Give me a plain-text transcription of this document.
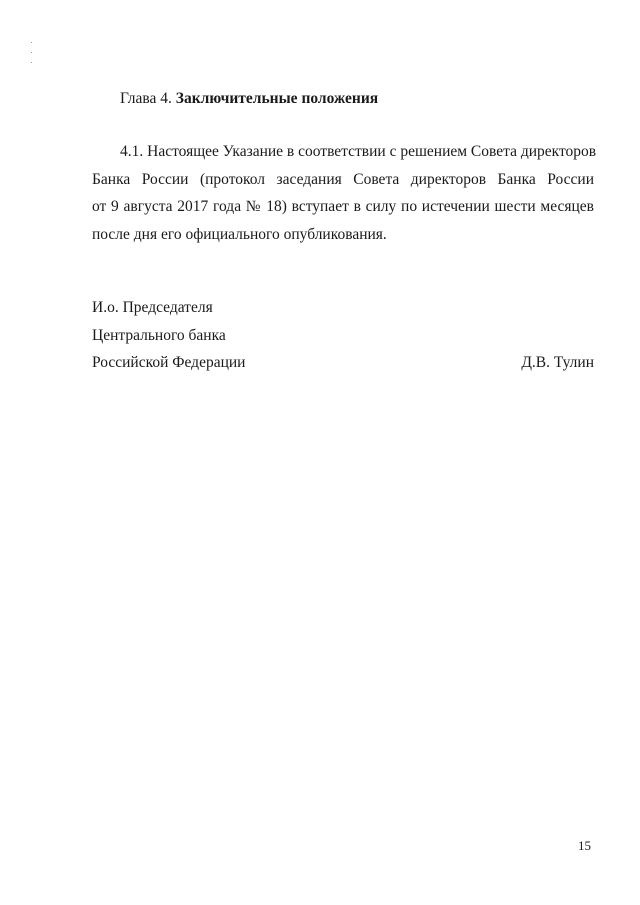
Глава 4. Заключительные положения
4.1. Настоящее Указание в соответствии с решением Совета директоров
Банка России (протокол заседания Совета директоров Банка России
от 9 августа 2017 года № 18) вступает в силу по истечении шести месяцев
после дня его официального опубликования.
И.о. Председателя
Центрального банка
Российской Федерации	Д.В. Тулин
15
